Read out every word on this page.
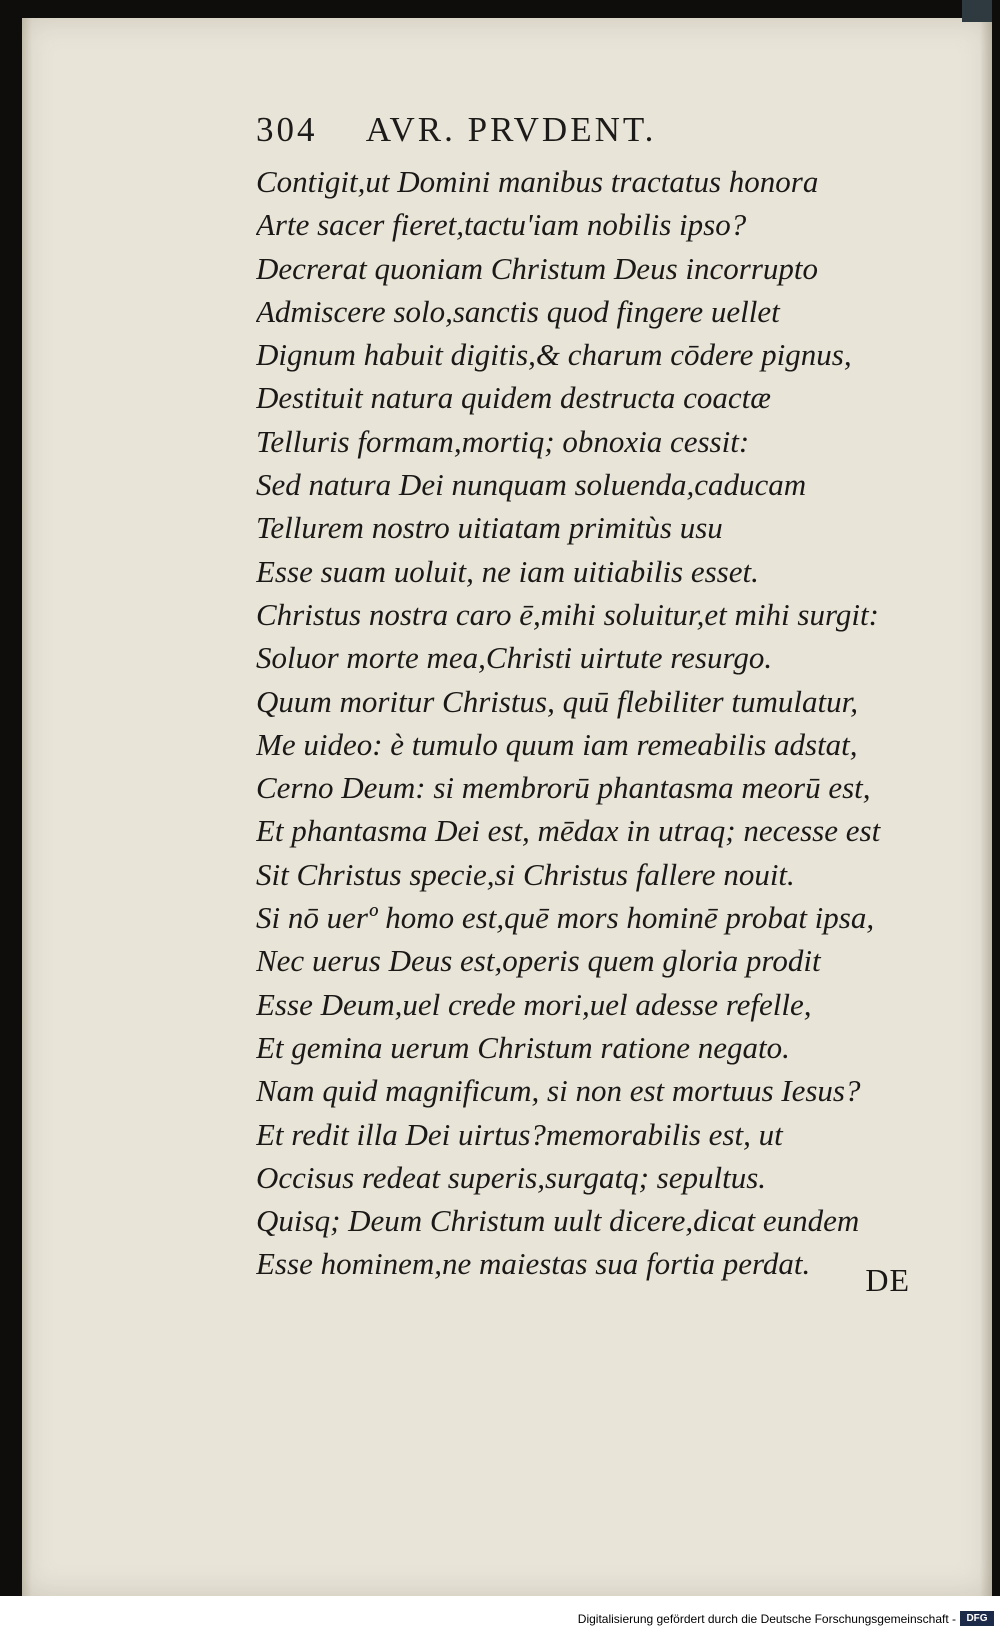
304 AVR. PRVDENT.
Contigit,ut Domini manibus tractatus honora
Arte sacer fieret,tactu'iam nobilis ipso?
Decrerat quoniam Christum Deus incorrupto
Admiscere solo,sanctis quod fingere uellet
Dignum habuit digitis,& charum cōdere pignus,
Destituit natura quidem destructa coactæ
Telluris formam,mortiq; obnoxia cessit:
Sed natura Dei nunquam soluenda,caducam
Tellurem nostro uitiatam primitùs usu
Esse suam uoluit, ne iam uitiabilis esset.
Christus nostra caro ē,mihi soluitur,et mihi surgit:
Soluor morte mea,Christi uirtute resurgo.
Quum moritur Christus, quū flebiliter tumulatur,
Me uideo: è tumulo quum iam remeabilis adstat,
Cerno Deum: si membrorū phantasma meorū est,
Et phantasma Dei est, mēdax in utraq; necesse est
Sit Christus specie,si Christus fallere nouit.
Si nō uerº homo est,quē mors hominē probat ipsa,
Nec uerus Deus est,operis quem gloria prodit
Esse Deum,uel crede mori,uel adesse refelle,
Et gemina uerum Christum ratione negato.
Nam quid magnificum, si non est mortuus Iesus?
Et redit illa Dei uirtus?memorabilis est, ut
Occisus redeat superis,surgatq; sepultus.
Quisq; Deum Christum uult dicere,dicat eundem
Esse hominem,ne maiestas sua fortia perdat.	DE
Digitalisierung gefördert durch die Deutsche Forschungsgemeinschaft -	DFG
